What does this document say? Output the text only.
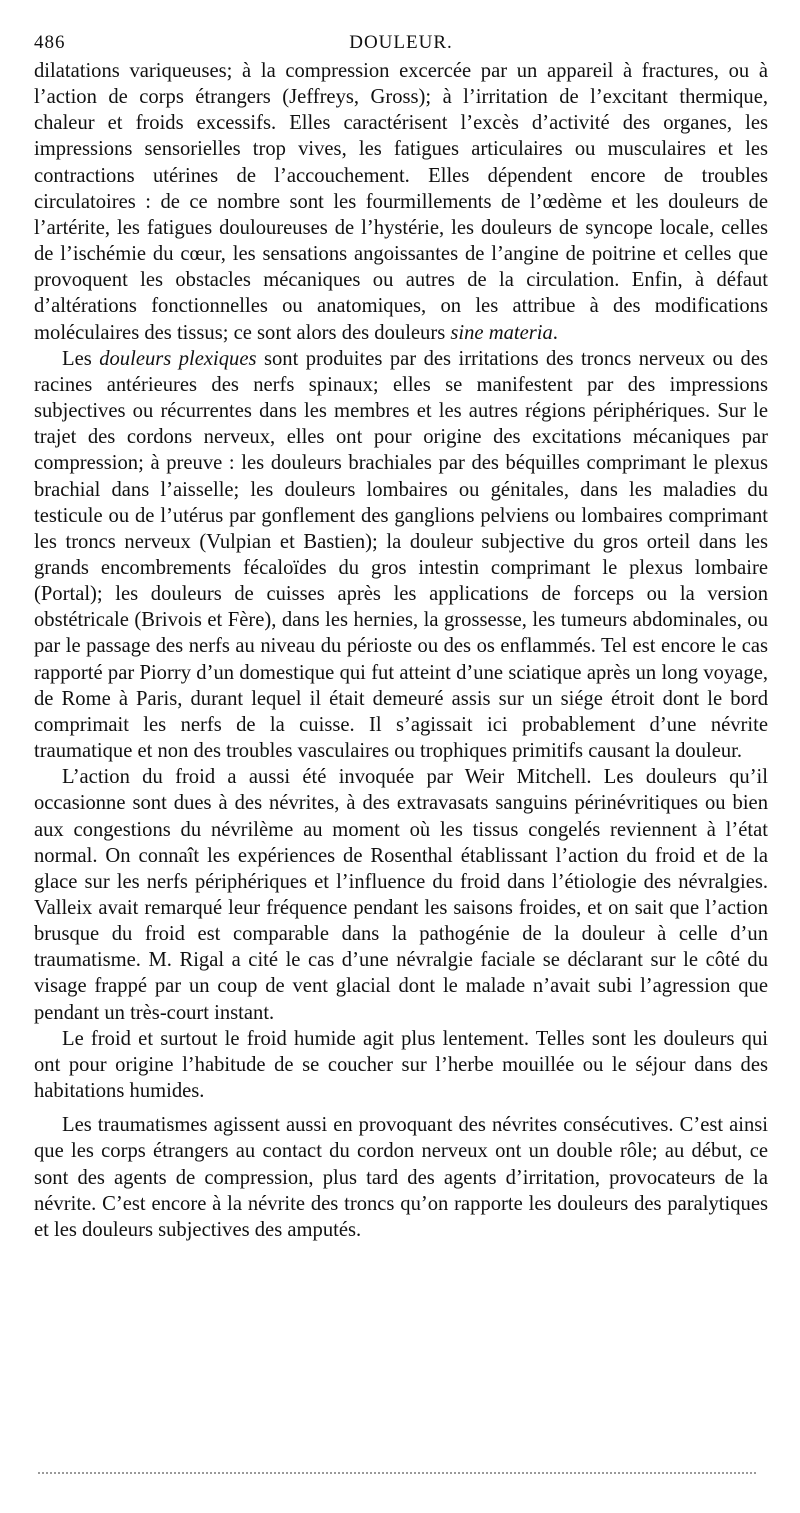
486	DOULEUR.

dilatations variqueuses; à la compression excercée par un appareil à fractures, ou à l’action de corps étrangers (Jeffreys, Gross); à l’irritation de l’excitant thermique, chaleur et froids excessifs. Elles caractérisent l’excès d’activité des organes, les impressions sensorielles trop vives, les fatigues articulaires ou musculaires et les contractions utérines de l’accouchement. Elles dépendent encore de troubles circulatoires : de ce nombre sont les fourmillements de l’œdème et les douleurs de l’artérite, les fatigues douloureuses de l’hystérie, les douleurs de syncope locale, celles de l’ischémie du cœur, les sensations angoissantes de l’angine de poitrine et celles que provoquent les obstacles mécaniques ou autres de la circulation. Enfin, à défaut d’altérations fonctionnelles ou anatomiques, on les attribue à des modifications moléculaires des tissus; ce sont alors des douleurs sine materia.

Les douleurs plexiques sont produites par des irritations des troncs nerveux ou des racines antérieures des nerfs spinaux; elles se manifestent par des impressions subjectives ou récurrentes dans les membres et les autres régions périphériques. Sur le trajet des cordons nerveux, elles ont pour origine des excitations mécaniques par compression; à preuve : les douleurs brachiales par des béquilles comprimant le plexus brachial dans l’aisselle; les douleurs lombaires ou génitales, dans les maladies du testicule ou de l’utérus par gonflement des ganglions pelviens ou lombaires comprimant les troncs nerveux (Vulpian et Bastien); la douleur subjective du gros orteil dans les grands encombrements fécaloïdes du gros intestin comprimant le plexus lombaire (Portal); les douleurs de cuisses après les applications de forceps ou la version obstétricale (Brivois et Fère), dans les hernies, la grossesse, les tumeurs abdominales, ou par le passage des nerfs au niveau du périoste ou des os enflammés. Tel est encore le cas rapporté par Piorry d’un domestique qui fut atteint d’une sciatique après un long voyage, de Rome à Paris, durant lequel il était demeuré assis sur un siége étroit dont le bord comprimait les nerfs de la cuisse. Il s’agissait ici probablement d’une névrite traumatique et non des troubles vasculaires ou trophiques primitifs causant la douleur.

L’action du froid a aussi été invoquée par Weir Mitchell. Les douleurs qu’il occasionne sont dues à des névrites, à des extravasats sanguins périnévritiques ou bien aux congestions du névrilème au moment où les tissus congelés reviennent à l’état normal. On connaît les expériences de Rosenthal établissant l’action du froid et de la glace sur les nerfs périphériques et l’influence du froid dans l’étiologie des névralgies. Valleix avait remarqué leur fréquence pendant les saisons froides, et on sait que l’action brusque du froid est comparable dans la pathogénie de la douleur à celle d’un traumatisme. M. Rigal a cité le cas d’une névralgie faciale se déclarant sur le côté du visage frappé par un coup de vent glacial dont le malade n’avait subi l’agression que pendant un très-court instant.

Le froid et surtout le froid humide agit plus lentement. Telles sont les douleurs qui ont pour origine l’habitude de se coucher sur l’herbe mouillée ou le séjour dans des habitations humides.

Les traumatismes agissent aussi en provoquant des névrites consécutives. C’est ainsi que les corps étrangers au contact du cordon nerveux ont un double rôle; au début, ce sont des agents de compression, plus tard des agents d’irritation, provocateurs de la névrite. C’est encore à la névrite des troncs qu’on rapporte les douleurs des paralytiques et les douleurs subjectives des amputés.
